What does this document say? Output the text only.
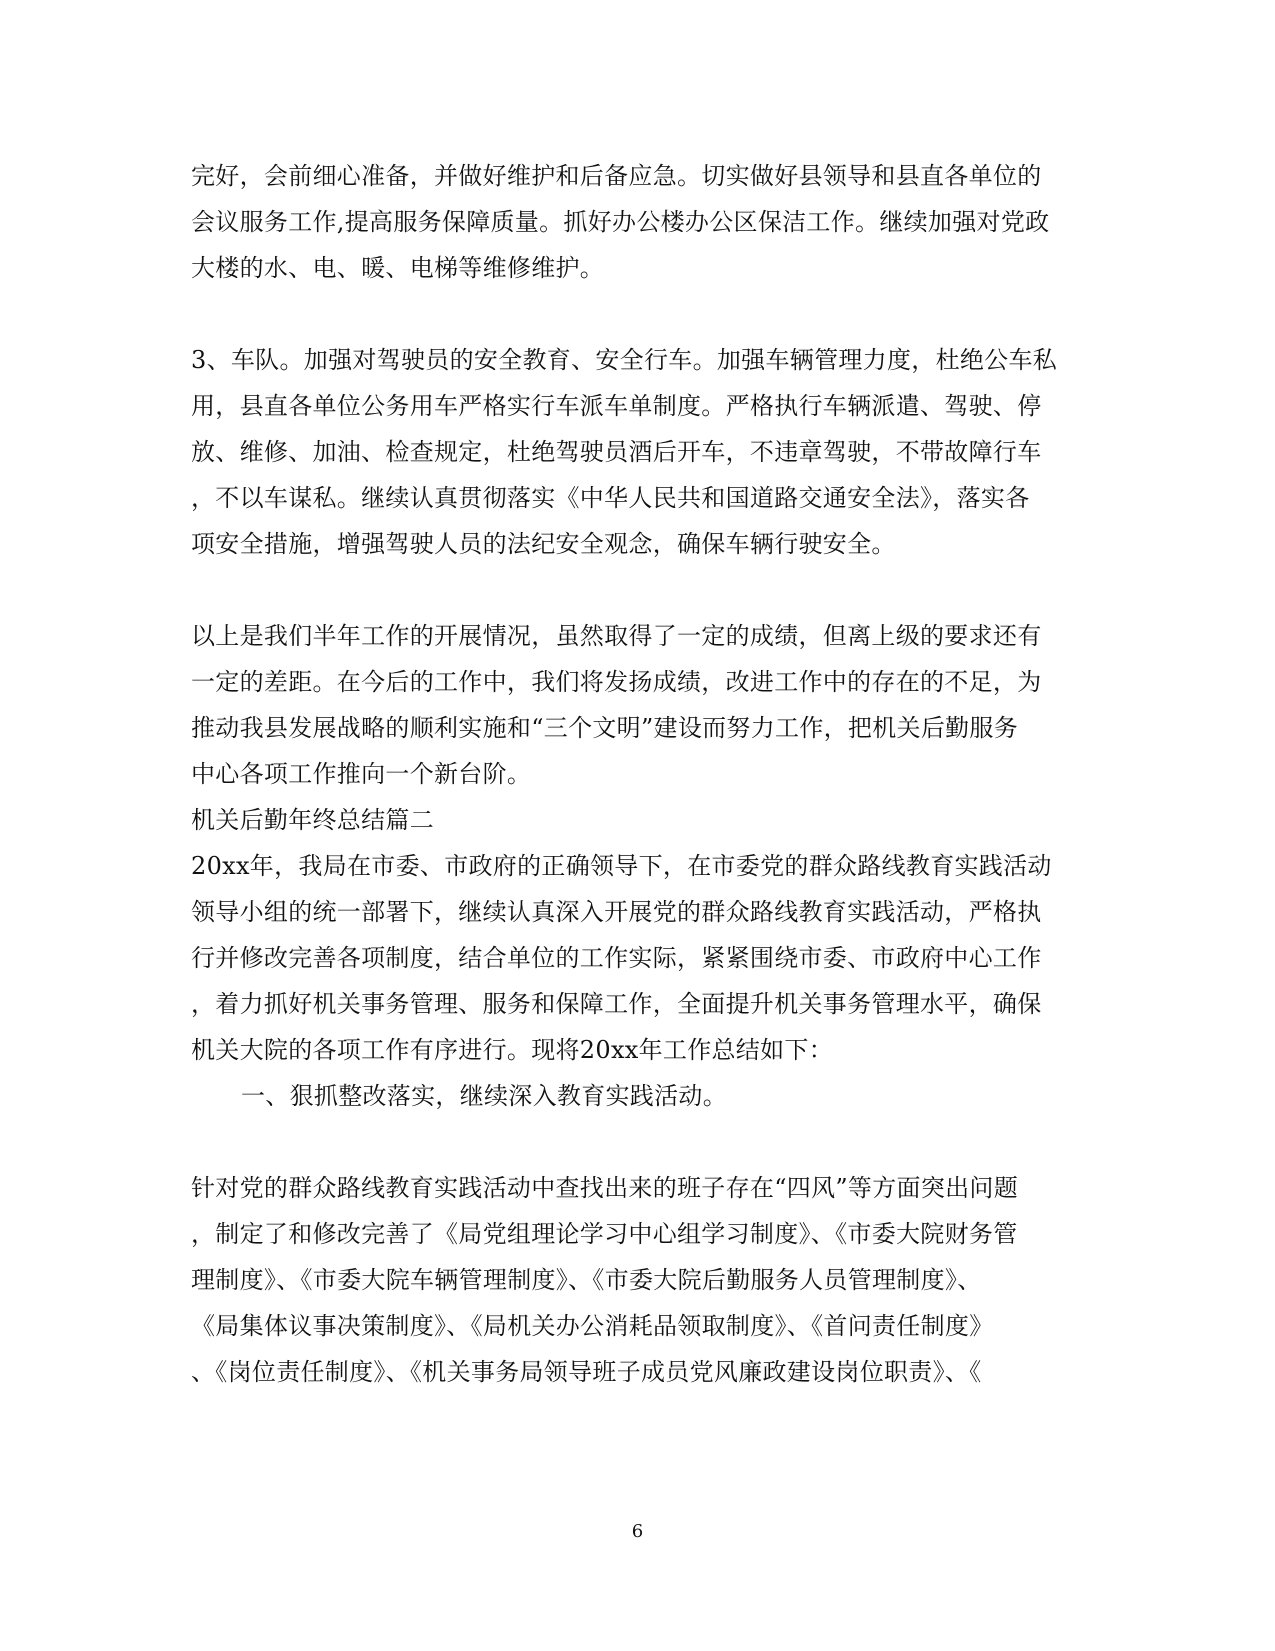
完好，会前细心准备，并做好维护和后备应急。切实做好县领导和县直各单位的
会议服务工作,提高服务保障质量。抓好办公楼办公区保洁工作。继续加强对党政
大楼的水、电、暖、电梯等维修维护。
3、车队。加强对驾驶员的安全教育、安全行车。加强车辆管理力度，杜绝公车私
用，县直各单位公务用车严格实行车派车单制度。严格执行车辆派遣、驾驶、停
放、维修、加油、检查规定，杜绝驾驶员酒后开车，不违章驾驶，不带故障行车
，不以车谋私。继续认真贯彻落实《中华人民共和国道路交通安全法》，落实各
项安全措施，增强驾驶人员的法纪安全观念，确保车辆行驶安全。
以上是我们半年工作的开展情况，虽然取得了一定的成绩，但离上级的要求还有
一定的差距。在今后的工作中，我们将发扬成绩，改进工作中的存在的不足，为
推动我县发展战略的顺利实施和“三个文明”建设而努力工作，把机关后勤服务
中心各项工作推向一个新台阶。
机关后勤年终总结篇二
20xx年，我局在市委、市政府的正确领导下，在市委党的群众路线教育实践活动
领导小组的统一部署下，继续认真深入开展党的群众路线教育实践活动，严格执
行并修改完善各项制度，结合单位的工作实际，紧紧围绕市委、市政府中心工作
，着力抓好机关事务管理、服务和保障工作，全面提升机关事务管理水平，确保
机关大院的各项工作有序进行。现将20xx年工作总结如下：
一、狠抓整改落实，继续深入教育实践活动。
针对党的群众路线教育实践活动中查找出来的班子存在“四风”等方面突出问题
，制定了和修改完善了《局党组理论学习中心组学习制度》、《市委大院财务管
理制度》、《市委大院车辆管理制度》、《市委大院后勤服务人员管理制度》、
《局集体议事决策制度》、《局机关办公消耗品领取制度》、《首问责任制度》
、《岗位责任制度》、《机关事务局领导班子成员党风廉政建设岗位职责》、《
6
